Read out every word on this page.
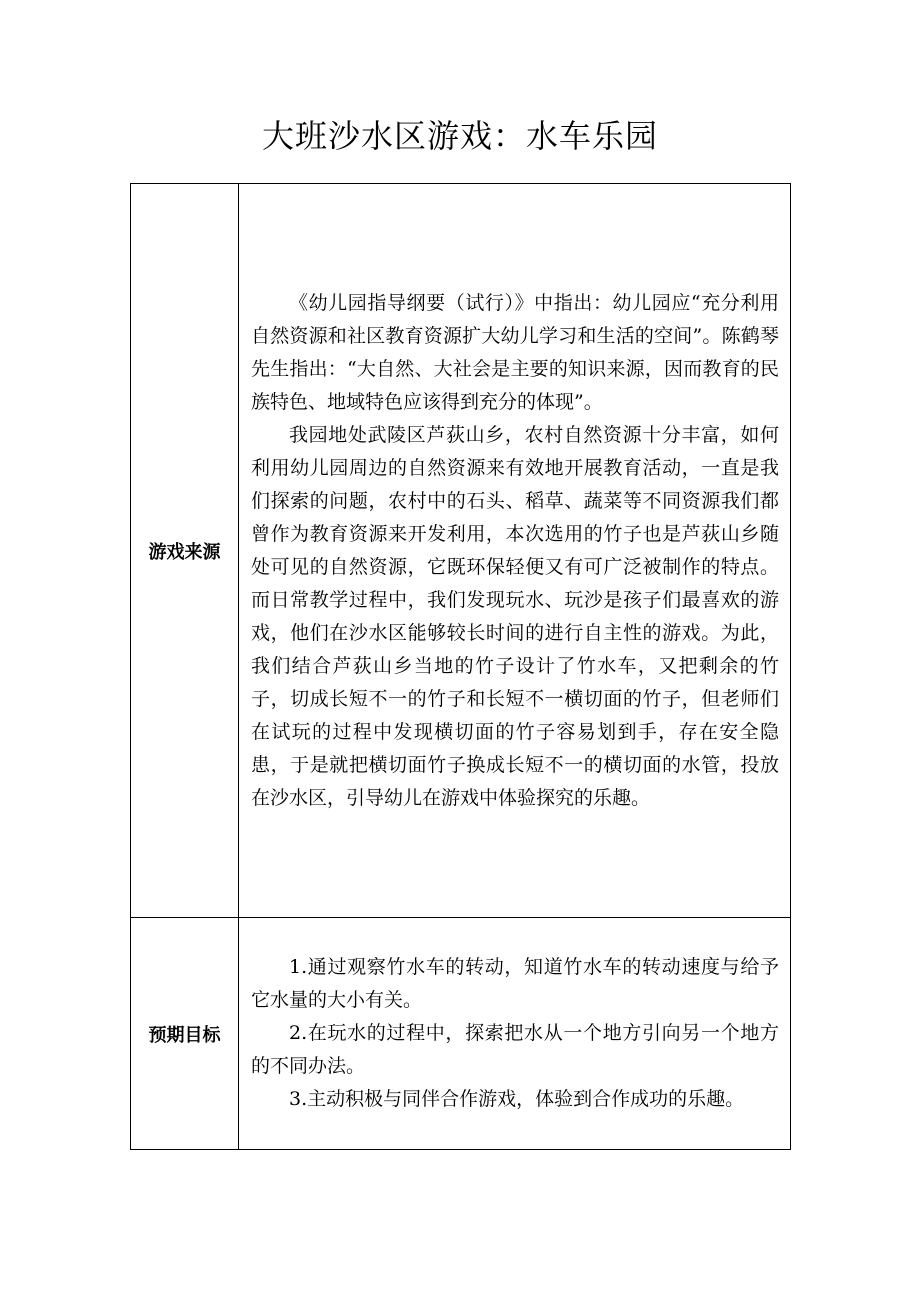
大班沙水区游戏：水车乐园
游戏来源	《幼儿园指导纲要（试行）》中指出：幼儿园应“充分利用自然资源和社区教育资源扩大幼儿学习和生活的空间”。陈鹤琴先生指出：“大自然、大社会是主要的知识来源，因而教育的民族特色、地域特色应该得到充分的体现”。

我园地处武陵区芦荻山乡，农村自然资源十分丰富，如何利用幼儿园周边的自然资源来有效地开展教育活动，一直是我们探索的问题，农村中的石头、稻草、蔬菜等不同资源我们都曾作为教育资源来开发利用，本次选用的竹子也是芦荻山乡随处可见的自然资源，它既环保轻便又有可广泛被制作的特点。而日常教学过程中，我们发现玩水、玩沙是孩子们最喜欢的游戏，他们在沙水区能够较长时间的进行自主性的游戏。为此，我们结合芦荻山乡当地的竹子设计了竹水车，又把剩余的竹子，切成长短不一的竹子和长短不一横切面的竹子，但老师们在试玩的过程中发现横切面的竹子容易划到手，存在安全隐患，于是就把横切面竹子换成长短不一的横切面的水管，投放在沙水区，引导幼儿在游戏中体验探究的乐趣。

预期目标	1.通过观察竹水车的转动，知道竹水车的转动速度与给予它水量的大小有关。

2.在玩水的过程中，探索把水从一个地方引向另一个地方的不同办法。

3.主动积极与同伴合作游戏，体验到合作成功的乐趣。
